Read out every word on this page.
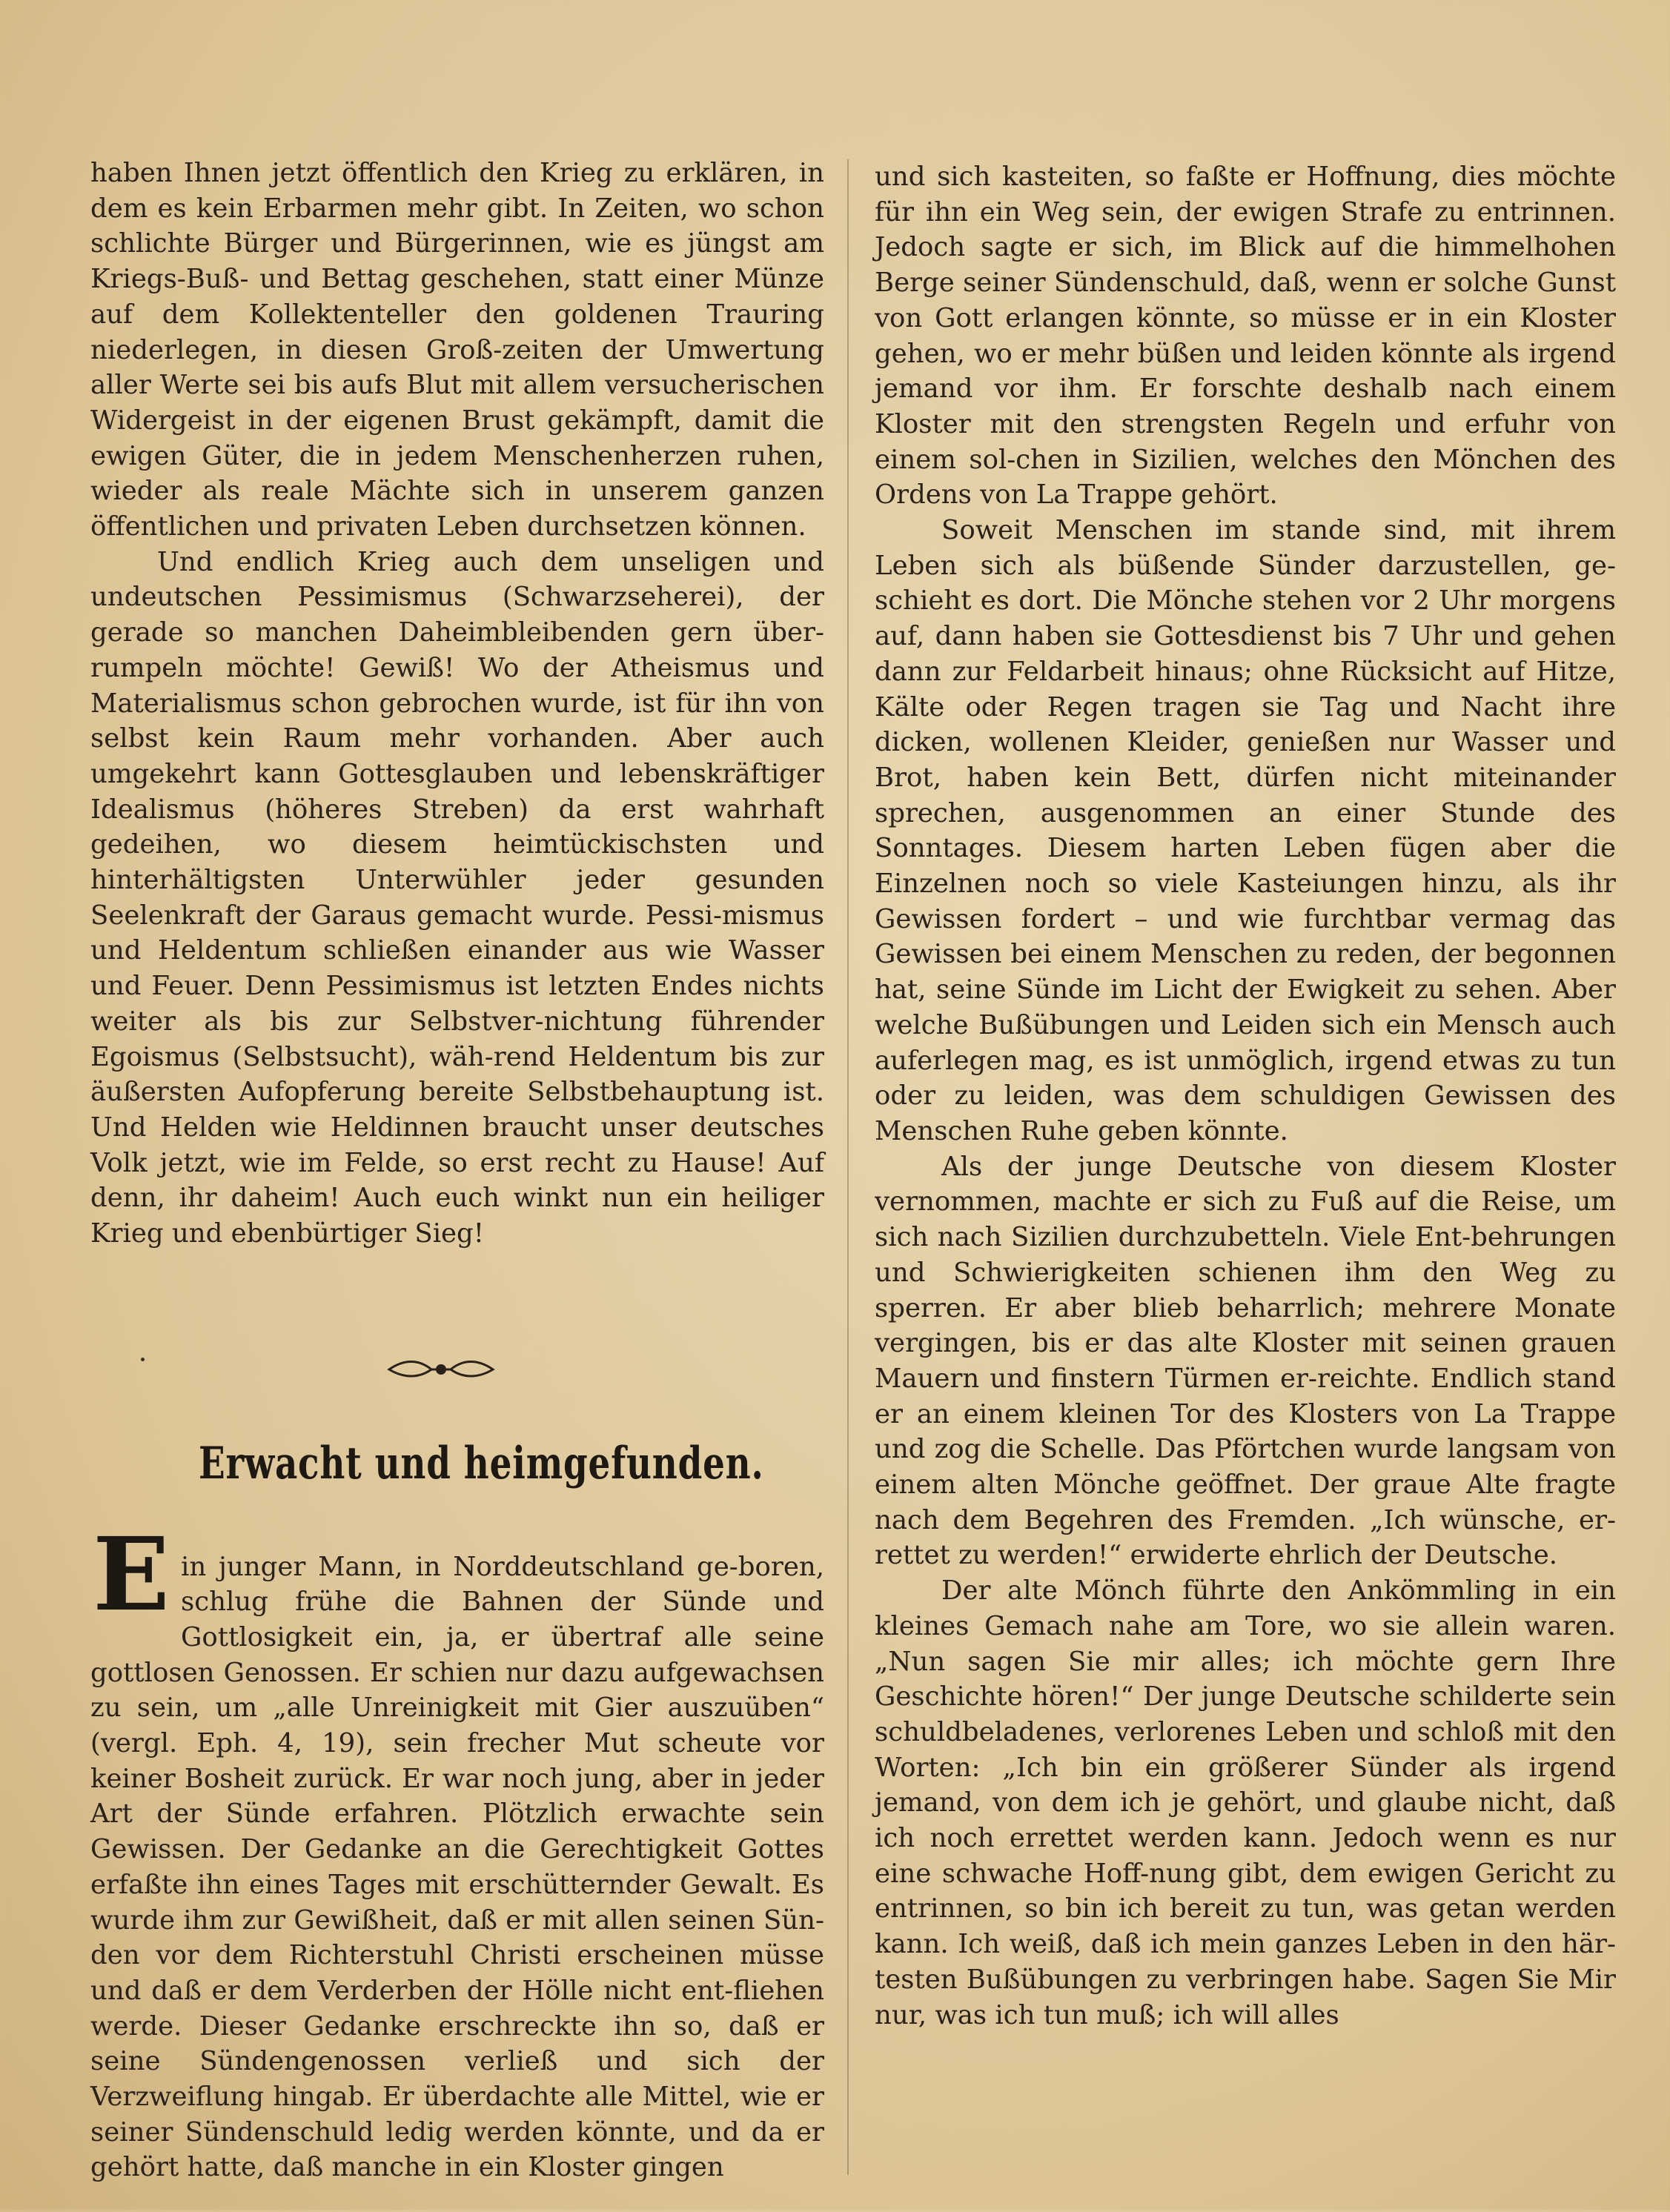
haben Ihnen jetzt öffentlich den Krieg zu erklären, in dem es kein Erbarmen mehr gibt. In Zeiten, wo schon schlichte Bürger und Bürgerinnen, wie es jüngst am Kriegs-Buß- und Bettag geschehen, statt einer Münze auf dem Kollektenteller den goldenen Trauring niederlegen, in diesen Groß-zeiten der Umwertung aller Werte sei bis aufs Blut mit allem versucherischen Widergeist in der eigenen Brust gekämpft, damit die ewigen Güter, die in jedem Menschenherzen ruhen, wieder als reale Mächte sich in unserem ganzen öffentlichen und privaten Leben durchsetzen können.

Und endlich Krieg auch dem unseligen und undeutschen Pessimismus (Schwarzseherei), der gerade so manchen Daheimbleibenden gern über-rumpeln möchte! Gewiß! Wo der Atheismus und Materialismus schon gebrochen wurde, ist für ihn von selbst kein Raum mehr vorhanden. Aber auch umgekehrt kann Gottesglauben und lebenskräftiger Idealismus (höheres Streben) da erst wahrhaft gedeihen, wo diesem heimtückischsten und hinterhältigsten Unterwühler jeder gesunden Seelenkraft der Garaus gemacht wurde. Pessi-mismus und Heldentum schließen einander aus wie Wasser und Feuer. Denn Pessimismus ist letzten Endes nichts weiter als bis zur Selbstver-nichtung führender Egoismus (Selbstsucht), wäh-rend Heldentum bis zur äußersten Aufopferung bereite Selbstbehauptung ist. Und Helden wie Heldinnen braucht unser deutsches Volk jetzt, wie im Felde, so erst recht zu Hause! Auf denn, ihr daheim! Auch euch winkt nun ein heiliger Krieg und ebenbürtiger Sieg!

Erwacht und heimgefunden.
E in junger Mann, in Norddeutschland ge-boren, schlug frühe die Bahnen der Sünde und Gottlosigkeit ein, ja, er übertraf alle seine gottlosen Genossen. Er schien nur dazu aufgewachsen zu sein, um „alle Unreinigkeit mit Gier auszuüben“ (vergl. Eph. 4, 19), sein frecher Mut scheute vor keiner Bosheit zurück. Er war noch jung, aber in jeder Art der Sünde erfahren. Plötzlich erwachte sein Gewissen. Der Gedanke an die Gerechtigkeit Gottes erfaßte ihn eines Tages mit erschütternder Gewalt. Es wurde ihm zur Gewißheit, daß er mit allen seinen Sün-den vor dem Richterstuhl Christi erscheinen müsse und daß er dem Verderben der Hölle nicht ent-fliehen werde. Dieser Gedanke erschreckte ihn so, daß er seine Sündengenossen verließ und sich der Verzweiflung hingab. Er überdachte alle Mittel, wie er seiner Sündenschuld ledig werden könnte, und da er gehört hatte, daß manche in ein Kloster gingen

und sich kasteiten, so faßte er Hoffnung, dies möchte für ihn ein Weg sein, der ewigen Strafe zu entrinnen. Jedoch sagte er sich, im Blick auf die himmelhohen Berge seiner Sündenschuld, daß, wenn er solche Gunst von Gott erlangen könnte, so müsse er in ein Kloster gehen, wo er mehr büßen und leiden könnte als irgend jemand vor ihm. Er forschte deshalb nach einem Kloster mit den strengsten Regeln und erfuhr von einem sol-chen in Sizilien, welches den Mönchen des Ordens von La Trappe gehört.

Soweit Menschen im stande sind, mit ihrem Leben sich als büßende Sünder darzustellen, ge-schieht es dort. Die Mönche stehen vor 2 Uhr morgens auf, dann haben sie Gottesdienst bis 7 Uhr und gehen dann zur Feldarbeit hinaus; ohne Rücksicht auf Hitze, Kälte oder Regen tragen sie Tag und Nacht ihre dicken, wollenen Kleider, genießen nur Wasser und Brot, haben kein Bett, dürfen nicht miteinander sprechen, ausgenommen an einer Stunde des Sonntages. Diesem harten Leben fügen aber die Einzelnen noch so viele Kasteiungen hinzu, als ihr Gewissen fordert – und wie furchtbar vermag das Gewissen bei einem Menschen zu reden, der begonnen hat, seine Sünde im Licht der Ewigkeit zu sehen. Aber welche Bußübungen und Leiden sich ein Mensch auch auferlegen mag, es ist unmöglich, irgend etwas zu tun oder zu leiden, was dem schuldigen Gewissen des Menschen Ruhe geben könnte.

Als der junge Deutsche von diesem Kloster vernommen, machte er sich zu Fuß auf die Reise, um sich nach Sizilien durchzubetteln. Viele Ent-behrungen und Schwierigkeiten schienen ihm den Weg zu sperren. Er aber blieb beharrlich; mehrere Monate vergingen, bis er das alte Kloster mit seinen grauen Mauern und finstern Türmen er-reichte. Endlich stand er an einem kleinen Tor des Klosters von La Trappe und zog die Schelle. Das Pförtchen wurde langsam von einem alten Mönche geöffnet. Der graue Alte fragte nach dem Begehren des Fremden. „Ich wünsche, er-rettet zu werden!“ erwiderte ehrlich der Deutsche.

Der alte Mönch führte den Ankömmling in ein kleines Gemach nahe am Tore, wo sie allein waren. „Nun sagen Sie mir alles; ich möchte gern Ihre Geschichte hören!“ Der junge Deutsche schilderte sein schuldbeladenes, verlorenes Leben und schloß mit den Worten: „Ich bin ein größerer Sünder als irgend jemand, von dem ich je gehört, und glaube nicht, daß ich noch errettet werden kann. Jedoch wenn es nur eine schwache Hoff-nung gibt, dem ewigen Gericht zu entrinnen, so bin ich bereit zu tun, was getan werden kann. Ich weiß, daß ich mein ganzes Leben in den här-testen Bußübungen zu verbringen habe. Sagen Sie Mir nur, was ich tun muß; ich will alles
